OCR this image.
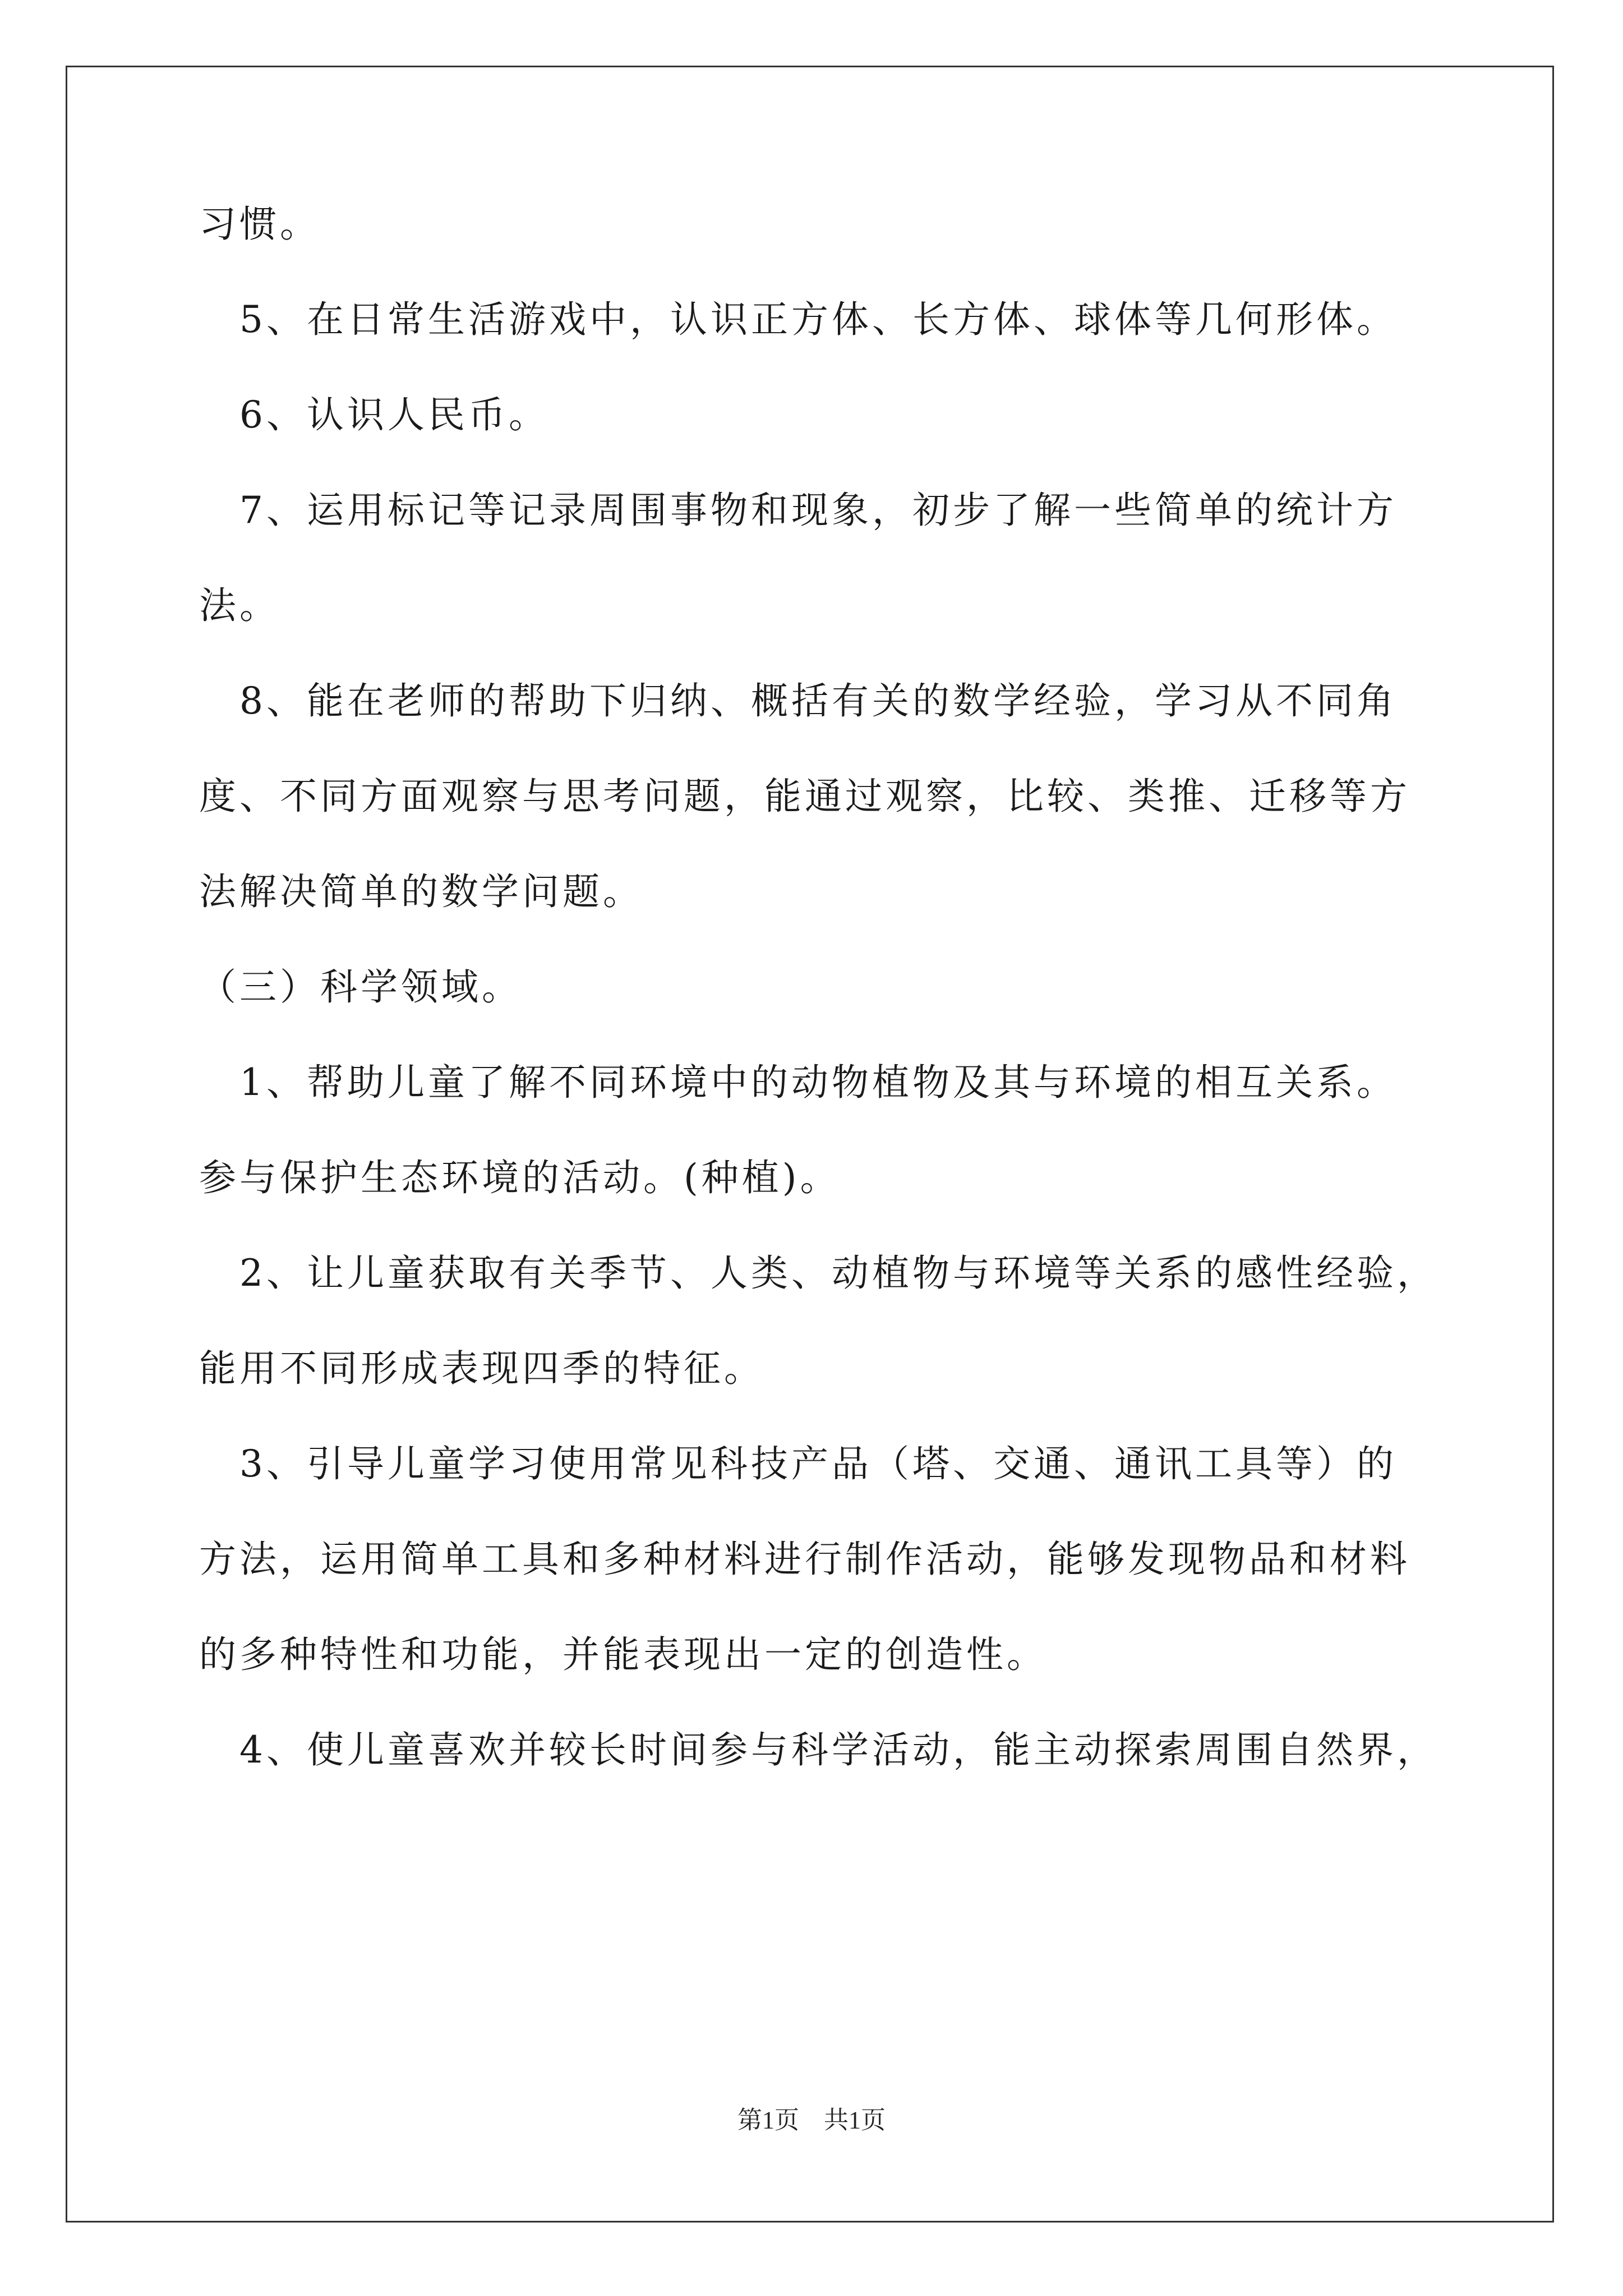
习惯。
　5、在日常生活游戏中，认识正方体、长方体、球体等几何形体。
　6、认识人民币。
　7、运用标记等记录周围事物和现象，初步了解一些简单的统计方
法。
　8、能在老师的帮助下归纳、概括有关的数学经验，学习从不同角
度、不同方面观察与思考问题，能通过观察，比较、类推、迁移等方
法解决简单的数学问题。
（三）科学领域。
　1、帮助儿童了解不同环境中的动物植物及其与环境的相互关系。
参与保护生态环境的活动。(种植)。
　2、让儿童获取有关季节、人类、动植物与环境等关系的感性经验，
能用不同形成表现四季的特征。
　3、引导儿童学习使用常见科技产品（塔、交通、通讯工具等）的
方法，运用简单工具和多种材料进行制作活动，能够发现物品和材料
的多种特性和功能，并能表现出一定的创造性。
　4、使儿童喜欢并较长时间参与科学活动，能主动探索周围自然界，
第1页　共1页
